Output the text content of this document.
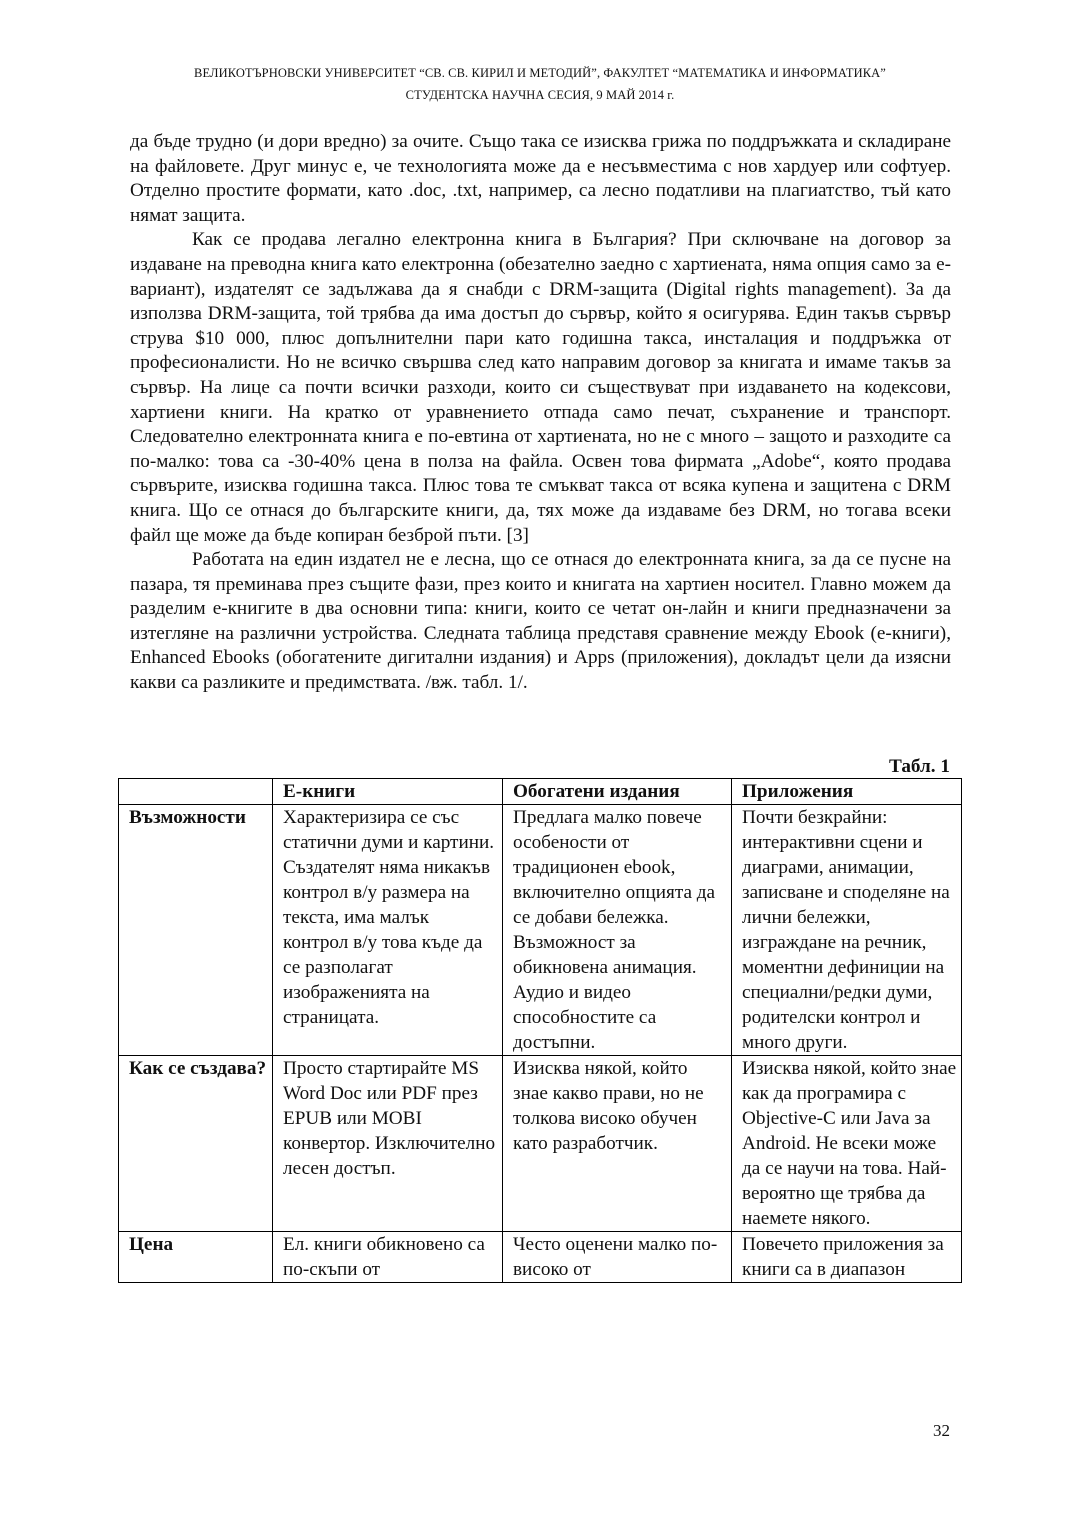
ВЕЛИКОТЪРНОВСКИ УНИВЕРСИТЕТ “СВ. СВ. КИРИЛ И МЕТОДИЙ”, ФАКУЛТЕТ “МАТЕМАТИКА И ИНФОРМАТИКА”
СТУДЕНТСКА НАУЧНА СЕСИЯ, 9 МАЙ 2014 г.

да бъде трудно (и дори вредно) за очите. Също така се изисква грижа по поддръжката и складиране на файловете. Друг минус е, че технологията може да е несъвместима с нов хардуер или софтуер. Отделно простите формати, като .doc, .txt, например, са лесно податливи на плагиатство, тъй като нямат защита.

Как се продава легално електронна книга в България? При сключване на договор за издаване на преводна книга като електронна (обезателно заедно с хартиената, няма опция само за е-вариант), издателят се задължава да я снабди с DRM-защита (Digital rights management). За да използва DRM-защита, той трябва да има достъп до сървър, който я осигурява. Един такъв сървър струва $10 000, плюс допълнителни пари като годишна такса, инсталация и поддръжка от професионалисти. Но не всичко свършва след като направим договор за книгата и имаме такъв за сървър. На лице са почти всички разходи, които си съществуват при издаването на кодексови, хартиени книги. На кратко от уравнението отпада само печат, съхранение и транспорт. Следователно електронната книга е по-евтина от хартиената, но не с много – защото и разходите са по-малко: това са -30-40% цена в полза на файла. Освен това фирмата „Adobe“, която продава сървърите, изисква годишна такса. Плюс това те смъкват такса от всяка купена и защитена с DRM книга. Що се отнася до българските книги, да, тях може да издаваме без DRM, но тогава всеки файл ще може да бъде копиран безброй пъти. [3]

Работата на един издател не е лесна, що се отнася до електронната книга, за да се пусне на пазара, тя преминава през същите фази, през които и книгата на хартиен носител. Главно можем да разделим е-книгите в два основни типа: книги, които се четат он-лайн и книги предназначени за изтегляне на различни устройства. Следната таблица представя сравнение между Ebook (е-книги), Enhanced Ebooks (обогатените дигитални издания) и Apps (приложения), докладът цели да изясни какви са разликите и предимствата. /вж. табл. 1/.

Табл. 1
	Е-книги	Обогатени издания	Приложения
Възможности	Характеризира се със статични думи и картини. Създателят няма никакъв контрол в/у размера на текста, има малък контрол в/у това къде да се разполагат изображенията на страницата.	Предлага малко повече особености от традиционен ebook, включително опцията да се добави бележка. Възможност за обикновена анимация. Аудио и видео способностите са достъпни.	Почти безкрайни: интерактивни сцени и диаграми, анимации, записване и споделяне на лични бележки, изграждане на речник, моментни дефиниции на специални/редки думи, родителски контрол и много други.
Как се създава?	Просто стартирайте MS Word Doc или PDF през EPUB или MOBI конвертор. Изключително лесен достъп.	Изисква някой, който знае какво прави, но не толкова високо обучен като разработчик.	Изисква някой, който знае как да програмира с Objective-C или Java за Android. Не всеки може да се научи на това. Най-вероятно ще трябва да наемете някого.
Цена	Ел. книги обикновено са по-скъпи от	Често оценени малко по-високо от	Повечето приложения за книги са в диапазон
32
